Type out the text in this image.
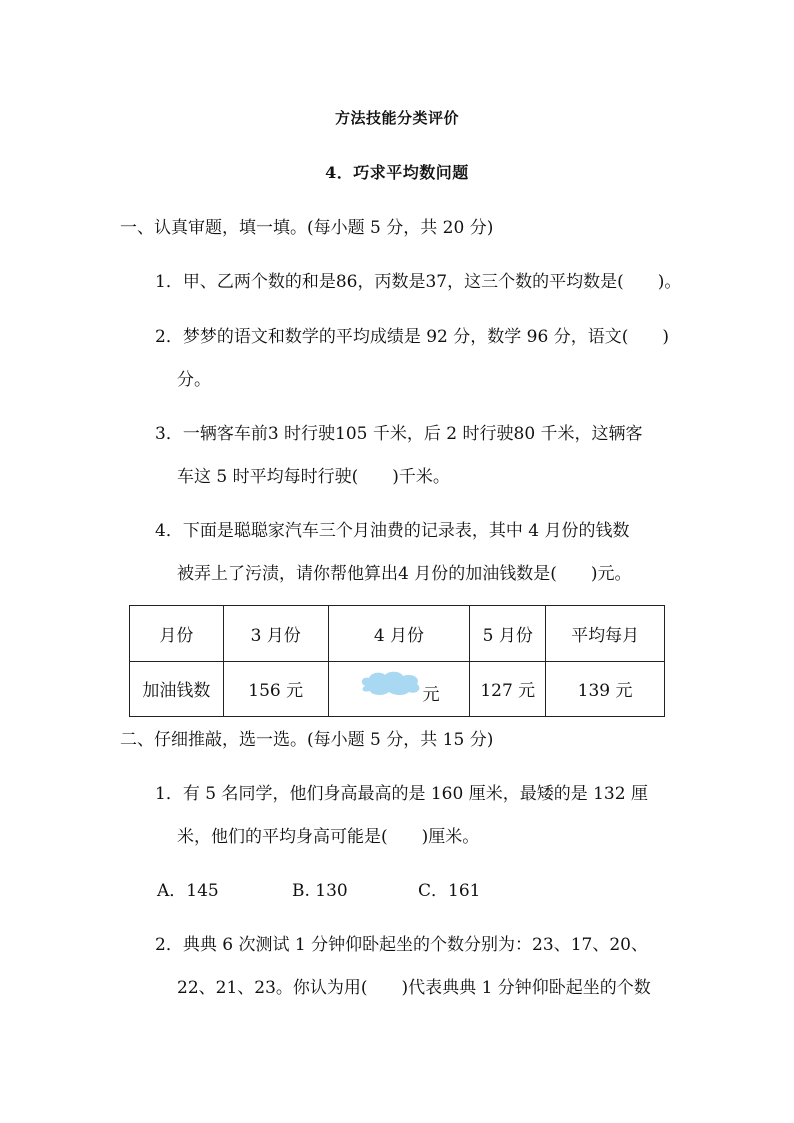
方法技能分类评价
4．巧求平均数问题
一、认真审题，填一填。(每小题 5 分，共 20 分)
1．甲、乙两个数的和是86，丙数是37，这三个数的平均数是(　　)。
2．梦梦的语文和数学的平均成绩是 92 分，数学 96 分，语文(　　)
分。
3．一辆客车前3 时行驶105 千米，后 2 时行驶80 千米，这辆客
车这 5 时平均每时行驶(　　)千米。
4．下面是聪聪家汽车三个月油费的记录表，其中 4 月份的钱数
被弄上了污渍，请你帮他算出4 月份的加油钱数是(　　)元。
月份	3 月份	4 月份	5 月份	平均每月
加油钱数	156 元	元	127 元	139 元
二、仔细推敲，选一选。(每小题 5 分，共 15 分)
1．有 5 名同学，他们身高最高的是 160 厘米，最矮的是 132 厘
米，他们的平均身高可能是(　　)厘米。
A．145	B. 130	C．161
2．典典 6 次测试 1 分钟仰卧起坐的个数分别为：23、17、20、
22、21、23。你认为用(　　)代表典典 1 分钟仰卧起坐的个数
